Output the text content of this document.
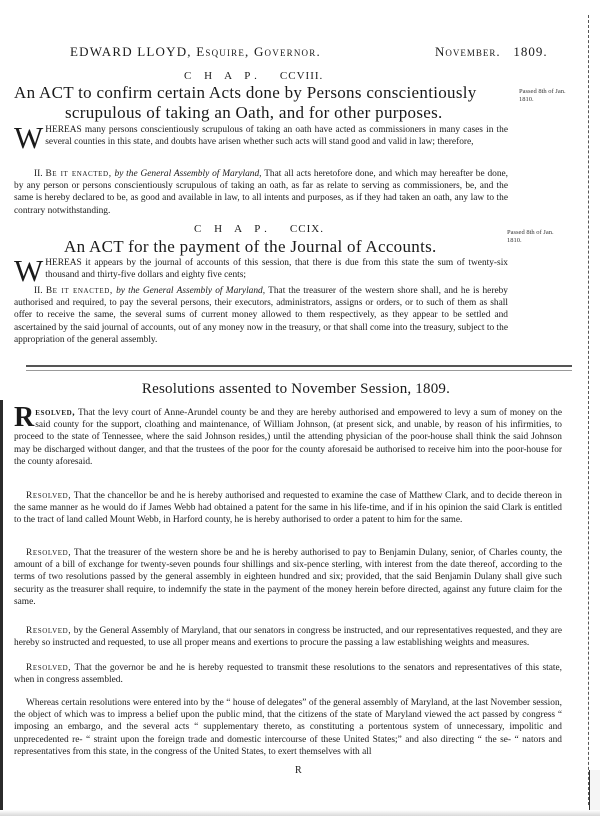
EDWARD LLOYD, Esquire, Governor.	November. 1809.
C H A P. CCVIII.
An ACT to confirm certain Acts done by Persons conscientiously
scrupulous of taking an Oath, and for other purposes.
Passed 8th of Jan. 1810.
WHEREAS many persons conscientiously scrupulous of taking an oath have acted as commissioners in many cases in the several counties in this state, and doubts have arisen whether such acts will stand good and valid in law; therefore,
II. Be it enacted, by the General Assembly of Maryland, That all acts heretofore done, and which may hereafter be done, by any person or persons conscientiously scrupulous of taking an oath, as far as relate to serving as commissioners, be, and the same is hereby declared to be, as good and available in law, to all intents and purposes, as if they had taken an oath, any law to the contrary notwithstanding.
C H A P. CCIX.
An ACT for the payment of the Journal of Accounts.
Passed 8th of Jan. 1810.
WHEREAS it appears by the journal of accounts of this session, that there is due from this state the sum of twenty-six thousand and thirty-five dollars and eighty five cents;
II. Be it enacted, by the General Assembly of Maryland, That the treasurer of the western shore shall, and he is hereby authorised and required, to pay the several persons, their executors, administrators, assigns or orders, or to such of them as shall offer to receive the same, the several sums of current money allowed to them respectively, as they appear to be settled and ascertained by the said journal of accounts, out of any money now in the treasury, or that shall come into the treasury, subject to the appropriation of the general assembly.
Resolutions assented to November Session, 1809.
Resolved, That the levy court of Anne-Arundel county be and they are hereby authorised and empowered to levy a sum of money on the said county for the support, cloathing and maintenance, of William Johnson, (at present sick, and unable, by reason of his infirmities, to proceed to the state of Tennessee, where the said Johnson resides,) until the attending physician of the poor-house shall think the said Johnson may be discharged without danger, and that the trustees of the poor for the county aforesaid be authorised to receive him into the poor-house for the county aforesaid.
Resolved, That the chancellor be and he is hereby authorised and requested to examine the case of Matthew Clark, and to decide thereon in the same manner as he would do if James Webb had obtained a patent for the same in his life-time, and if in his opinion the said Clark is entitled to the tract of land called Mount Webb, in Harford county, he is hereby authorised to order a patent to him for the same.
Resolved, That the treasurer of the western shore be and he is hereby authorised to pay to Benjamin Dulany, senior, of Charles county, the amount of a bill of exchange for twenty-seven pounds four shillings and six-pence sterling, with interest from the date thereof, according to the terms of two resolutions passed by the general assembly in eighteen hundred and six; provided, that the said Benjamin Dulany shall give such security as the treasurer shall require, to indemnify the state in the payment of the money herein before directed, against any future claim for the same.
Resolved, by the General Assembly of Maryland, that our senators in congress be instructed, and our representatives requested, and they are hereby so instructed and requested, to use all proper means and exertions to procure the passing a law establishing weights and measures.
Resolved, That the governor be and he is hereby requested to transmit these resolutions to the senators and representatives of this state, when in congress assembled.
Whereas certain resolutions were entered into by the “ house of delegates” of the general assembly of Maryland, at the last November session, the object of which was to impress a belief upon the public mind, that the citizens of the state of Maryland viewed the act passed by congress “ imposing an embargo, and the several acts “ supplementary thereto, as constituting a portentous system of unnecessary, impolitic and unprecedented re- “ straint upon the foreign trade and domestic intercourse of these United States;” and also directing “ the se- “ nators and representatives from this state, in the congress of the United States, to exert themselves with all
R
